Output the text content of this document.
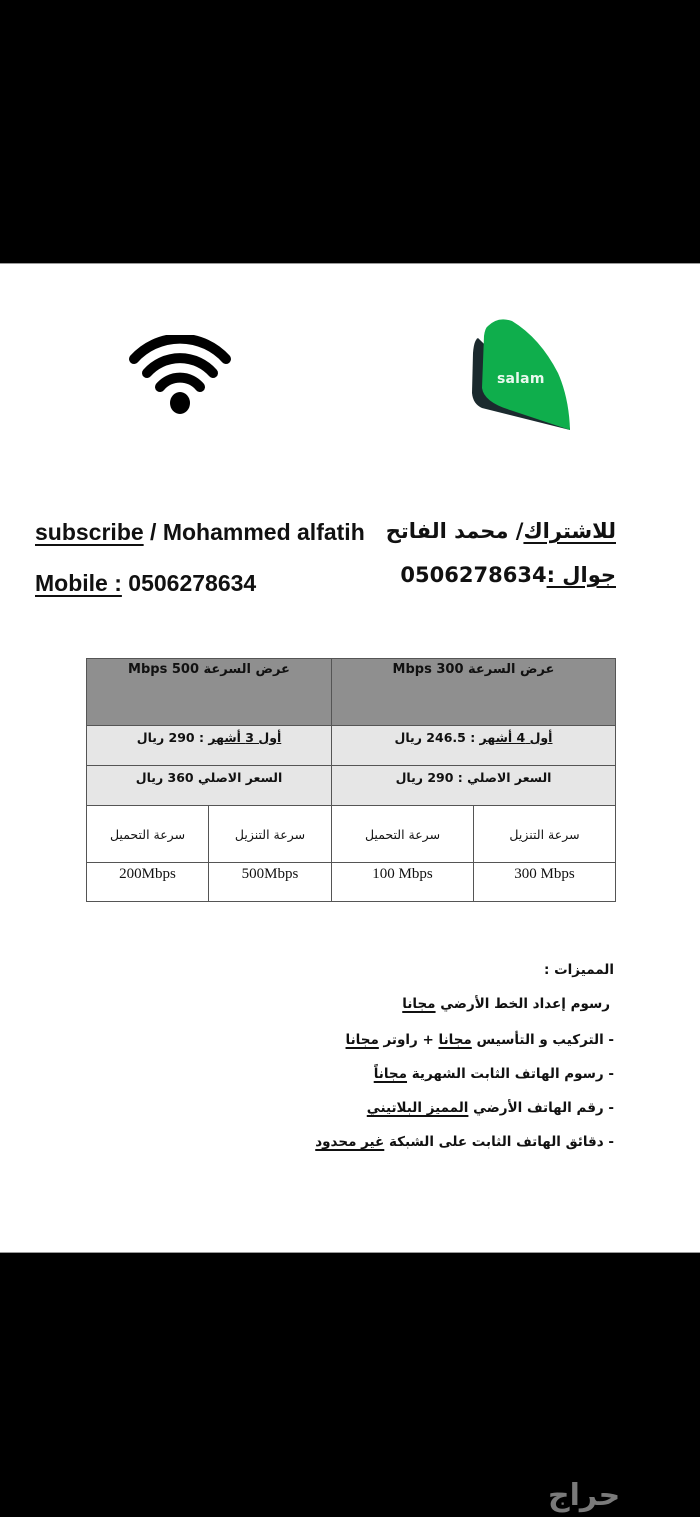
salam
subscribe / Mohammed alfatih
Mobile : 0506278634
للاشتراك/ محمد الفاتح
جوال : 0506278634
عرض السرعة 300 Mbps
أول 4 أشهر : 246.5 ريال
السعر الاصلي : 290 ريال
سرعة التنزيل
سرعة التحميل
300 Mbps
100 Mbps
عرض السرعة 500 Mbps
أول 3 أشهر : 290 ريال
السعر الاصلي 360 ريال
سرعة التنزيل
سرعة التحميل
500Mbps
200Mbps
المميزات :
رسوم إعداد الخط الأرضي مجانا
- التركيب و التأسيس مجانا + راوتر مجانا
- رسوم الهاتف الثابت الشهرية مجاناً
- رقم الهاتف الأرضي المميز البلاتيني
- دقائق الهاتف الثابت على الشبكة غير محدود
حراج
